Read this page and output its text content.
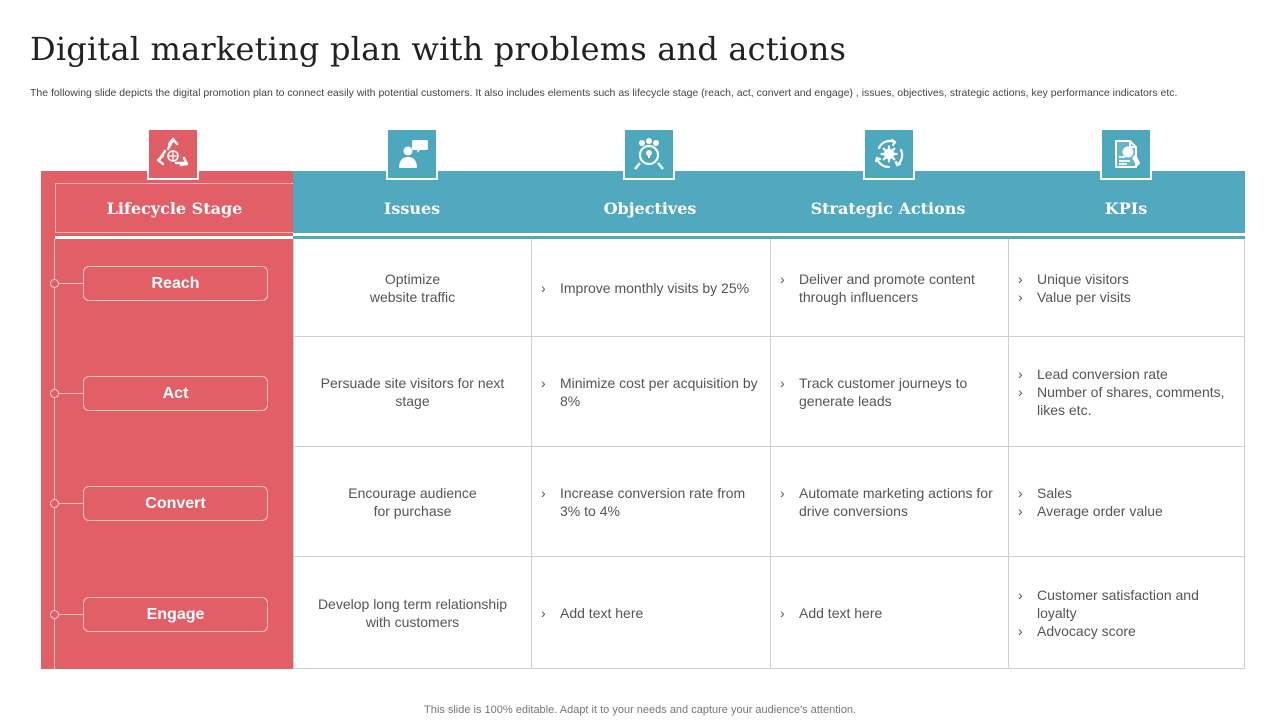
Digital marketing plan with problems and actions
The following slide depicts the digital promotion plan to connect easily with potential customers. It also includes elements such as lifecycle stage (reach, act, convert and engage) , issues, objectives, strategic actions, key performance indicators etc.
Lifecycle Stage	Issues	Objectives	Strategic Actions	KPIs
Optimize
website traffic
› Improve monthly visits by 25%
› Deliver and promote content through influencers
› Unique visitors
› Value per visits
Persuade site visitors for next stage
› Minimize cost per acquisition by 8%
› Track customer journeys to generate leads
› Lead conversion rate
› Number of shares, comments, likes etc.
Encourage audience
for purchase
› Increase conversion rate from 3% to 4%
› Automate marketing actions for drive conversions
› Sales
› Average order value
Develop long term relationship with customers
› Add text here
›	Add text here
› Customer satisfaction and loyalty
› Advocacy score
This slide is 100% editable. Adapt it to your needs and capture your audience's attention.
Reach
Act
Convert
Engage
